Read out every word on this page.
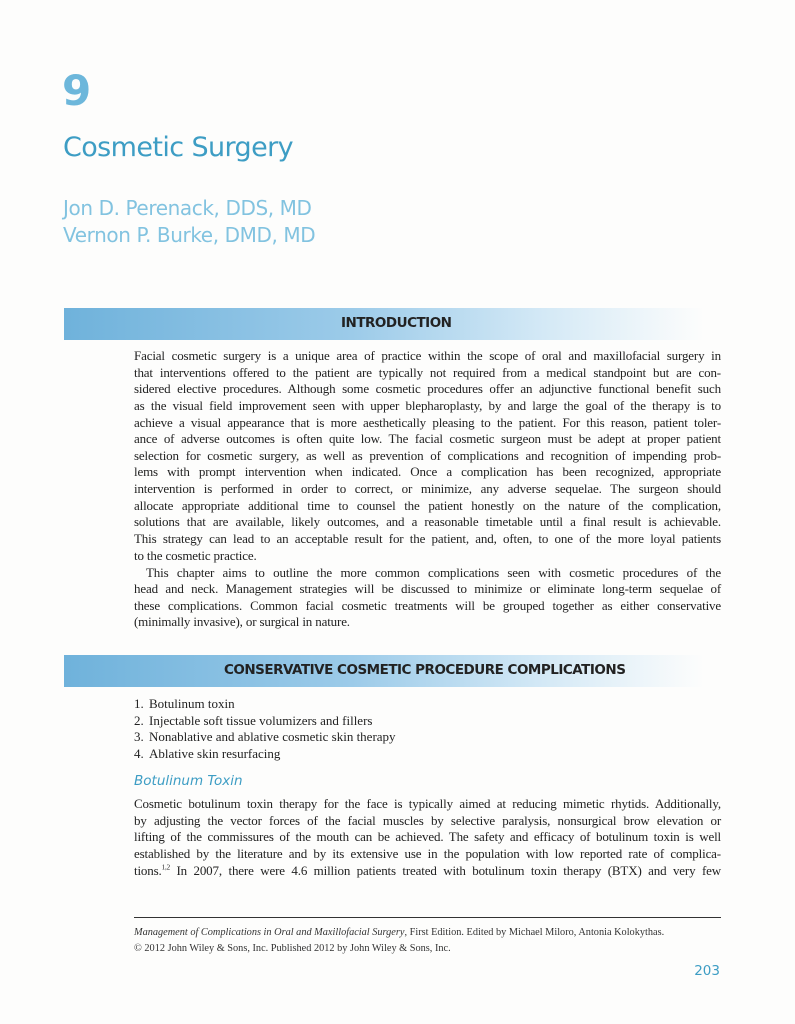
9
Cosmetic Surgery
Jon D. Perenack, DDS, MD
Vernon P. Burke, DMD, MD
INTRODUCTION
Facial cosmetic surgery is a unique area of practice within the scope of oral and maxillofacial surgery in
that interventions offered to the patient are typically not required from a medical standpoint but are con-
sidered elective procedures. Although some cosmetic procedures offer an adjunctive functional benefit such
as the visual field improvement seen with upper blepharoplasty, by and large the goal of the therapy is to
achieve a visual appearance that is more aesthetically pleasing to the patient. For this reason, patient toler-
ance of adverse outcomes is often quite low. The facial cosmetic surgeon must be adept at proper patient
selection for cosmetic surgery, as well as prevention of complications and recognition of impending prob-
lems with prompt intervention when indicated. Once a complication has been recognized, appropriate
intervention is performed in order to correct, or minimize, any adverse sequelae. The surgeon should
allocate appropriate additional time to counsel the patient honestly on the nature of the complication,
solutions that are available, likely outcomes, and a reasonable timetable until a final result is achievable.
This strategy can lead to an acceptable result for the patient, and, often, to one of the more loyal patients
to the cosmetic practice.
This chapter aims to outline the more common complications seen with cosmetic procedures of the
head and neck. Management strategies will be discussed to minimize or eliminate long-term sequelae of
these complications. Common facial cosmetic treatments will be grouped together as either conservative
(minimally invasive), or surgical in nature.
CONSERVATIVE COSMETIC PROCEDURE COMPLICATIONS
1. Botulinum toxin
2. Injectable soft tissue volumizers and fillers
3. Nonablative and ablative cosmetic skin therapy
4. Ablative skin resurfacing
Botulinum Toxin
Cosmetic botulinum toxin therapy for the face is typically aimed at reducing mimetic rhytids. Additionally,
by adjusting the vector forces of the facial muscles by selective paralysis, nonsurgical brow elevation or
lifting of the commissures of the mouth can be achieved. The safety and efficacy of botulinum toxin is well
established by the literature and by its extensive use in the population with low reported rate of complica-
tions.$^{1,2}$ In 2007, there were 4.6 million patients treated with botulinum toxin therapy (BTX) and very few
Management of Complications in Oral and Maxillofacial Surgery, First Edition. Edited by Michael Miloro, Antonia Kolokythas.
© 2012 John Wiley & Sons, Inc. Published 2012 by John Wiley & Sons, Inc.
203
